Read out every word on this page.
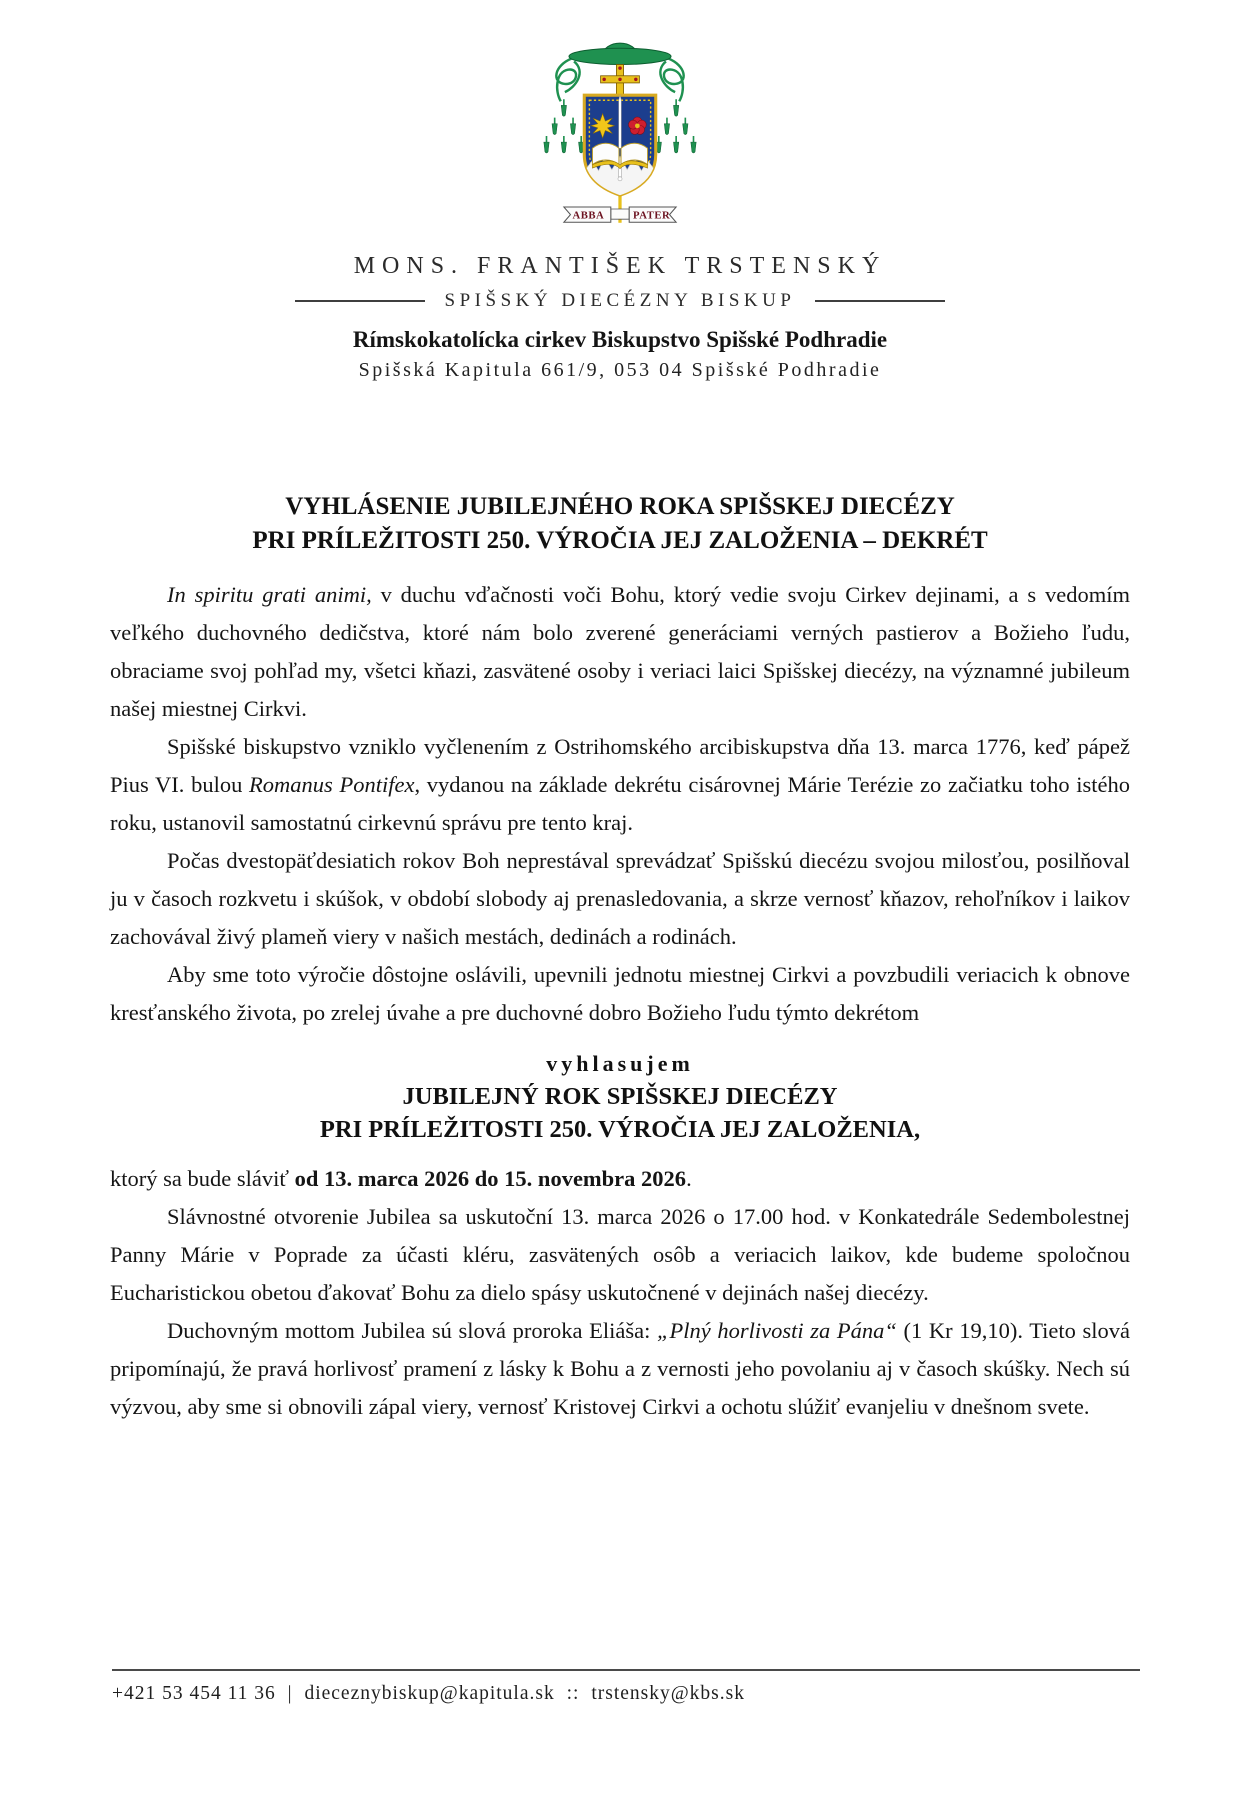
ABBA	PATER
MONS. FRANTIŠEK TRSTENSKÝ
SPIŠSKÝ DIECÉZNY BISKUP
Rímskokatolícka cirkev Biskupstvo Spišské Podhradie
Spišská Kapitula 661/9, 053 04 Spišské Podhradie
VYHLÁSENIE JUBILEJNÉHO ROKA SPIŠSKEJ DIECÉZY
PRI PRÍLEŽITOSTI 250. VÝROČIA JEJ ZALOŽENIA – DEKRÉT

In spiritu grati animi, v duchu vďačnosti voči Bohu, ktorý vedie svoju Cirkev dejinami, a s vedomím veľkého duchovného dedičstva, ktoré nám bolo zverené generáciami verných pastierov a Božieho ľudu, obraciame svoj pohľad my, všetci kňazi, zasvätené osoby i veriaci laici Spišskej diecézy, na významné jubileum našej miestnej Cirkvi.

Spišské biskupstvo vzniklo vyčlenením z Ostrihomského arcibiskupstva dňa 13. marca 1776, keď pápež Pius VI. bulou Romanus Pontifex, vydanou na základe dekrétu cisárovnej Márie Terézie zo začiatku toho istého roku, ustanovil samostatnú cirkevnú správu pre tento kraj.

Počas dvestopäťdesiatich rokov Boh neprestával sprevádzať Spišskú diecézu svojou milosťou, posilňoval ju v časoch rozkvetu i skúšok, v období slobody aj prenasledovania, a skrze vernosť kňazov, rehoľníkov i laikov zachovával živý plameň viery v našich mestách, dedinách a rodinách.

Aby sme toto výročie dôstojne oslávili, upevnili jednotu miestnej Cirkvi a povzbudili veriacich k obnove kresťanského života, po zrelej úvahe a pre duchovné dobro Božieho ľudu týmto dekrétom

vyhlasujem
JUBILEJNÝ ROK SPIŠSKEJ DIECÉZY
PRI PRÍLEŽITOSTI 250. VÝROČIA JEJ ZALOŽENIA,

ktorý sa bude sláviť od 13. marca 2026 do 15. novembra 2026.

Slávnostné otvorenie Jubilea sa uskutoční 13. marca 2026 o 17.00 hod. v Konkatedrále Sedembolestnej Panny Márie v Poprade za účasti kléru, zasvätených osôb a veriacich laikov, kde budeme spoločnou Eucharistickou obetou ďakovať Bohu za dielo spásy uskutočnené v dejinách našej diecézy.

Duchovným mottom Jubilea sú slová proroka Eliáša: „Plný horlivosti za Pána“ (1 Kr 19,10). Tieto slová pripomínajú, že pravá horlivosť pramení z lásky k Bohu a z vernosti jeho povolaniu aj v časoch skúšky. Nech sú výzvou, aby sme si obnovili zápal viery, vernosť Kristovej Cirkvi a ochotu slúžiť evanjeliu v dnešnom svete.

+421 53 454 11 36 | dieceznybiskup@kapitula.sk :: trstensky@kbs.sk
